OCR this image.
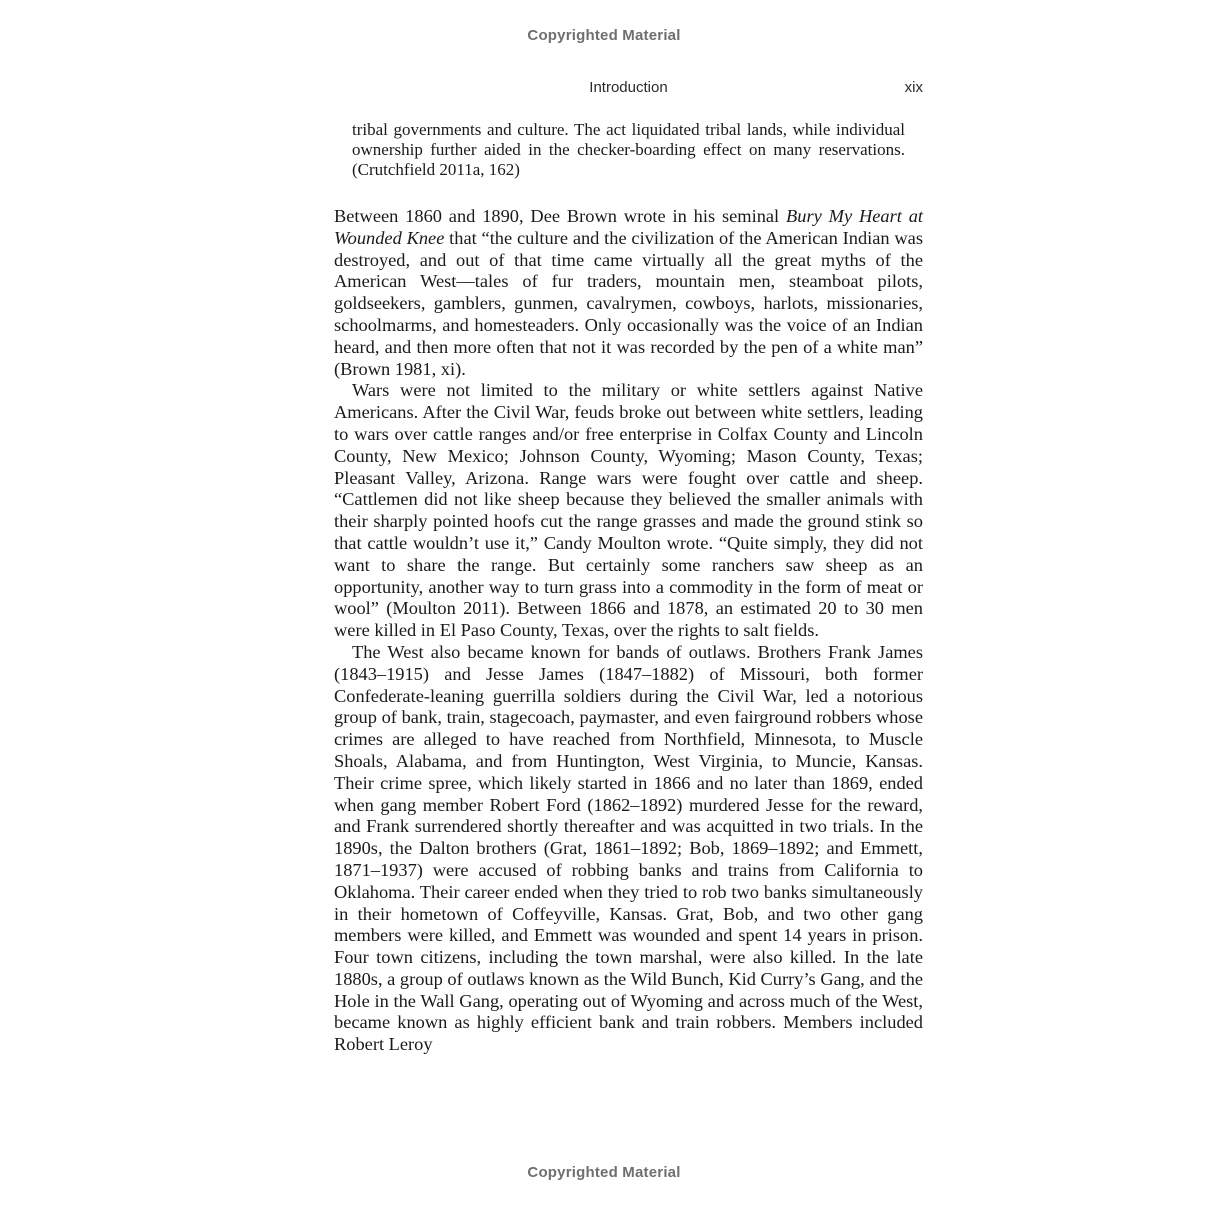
Copyrighted Material
Introduction	xix

tribal governments and culture. The act liquidated tribal lands, while individual ownership further aided in the checker-boarding effect on many reservations. (Crutchfield 2011a, 162)

Between 1860 and 1890, Dee Brown wrote in his seminal Bury My Heart at Wounded Knee that “the culture and the civilization of the American Indian was destroyed, and out of that time came virtually all the great myths of the American West—tales of fur traders, mountain men, steamboat pilots, goldseekers, gamblers, gunmen, cavalrymen, cowboys, harlots, missionaries, schoolmarms, and homesteaders. Only occasionally was the voice of an Indian heard, and then more often that not it was recorded by the pen of a white man” (Brown 1981, xi).

Wars were not limited to the military or white settlers against Native Americans. After the Civil War, feuds broke out between white settlers, leading to wars over cattle ranges and/or free enterprise in Colfax County and Lincoln County, New Mexico; Johnson County, Wyoming; Mason County, Texas; Pleasant Valley, Arizona. Range wars were fought over cattle and sheep. “Cattlemen did not like sheep because they believed the smaller animals with their sharply pointed hoofs cut the range grasses and made the ground stink so that cattle wouldn’t use it,” Candy Moulton wrote. “Quite simply, they did not want to share the range. But certainly some ranchers saw sheep as an opportunity, another way to turn grass into a commodity in the form of meat or wool” (Moulton 2011). Between 1866 and 1878, an estimated 20 to 30 men were killed in El Paso County, Texas, over the rights to salt fields.

The West also became known for bands of outlaws. Brothers Frank James (1843–1915) and Jesse James (1847–1882) of Missouri, both former Confederate-leaning guerrilla soldiers during the Civil War, led a notorious group of bank, train, stagecoach, paymaster, and even fairground robbers whose crimes are alleged to have reached from Northfield, Minnesota, to Muscle Shoals, Alabama, and from Huntington, West Virginia, to Muncie, Kansas. Their crime spree, which likely started in 1866 and no later than 1869, ended when gang member Robert Ford (1862–1892) murdered Jesse for the reward, and Frank surrendered shortly thereafter and was acquitted in two trials. In the 1890s, the Dalton brothers (Grat, 1861–1892; Bob, 1869–1892; and Emmett, 1871–1937) were accused of robbing banks and trains from California to Oklahoma. Their career ended when they tried to rob two banks simultaneously in their hometown of Coffeyville, Kansas. Grat, Bob, and two other gang members were killed, and Emmett was wounded and spent 14 years in prison. Four town citizens, including the town marshal, were also killed. In the late 1880s, a group of outlaws known as the Wild Bunch, Kid Curry’s Gang, and the Hole in the Wall Gang, operating out of Wyoming and across much of the West, became known as highly efficient bank and train robbers. Members included Robert Leroy

Copyrighted Material
